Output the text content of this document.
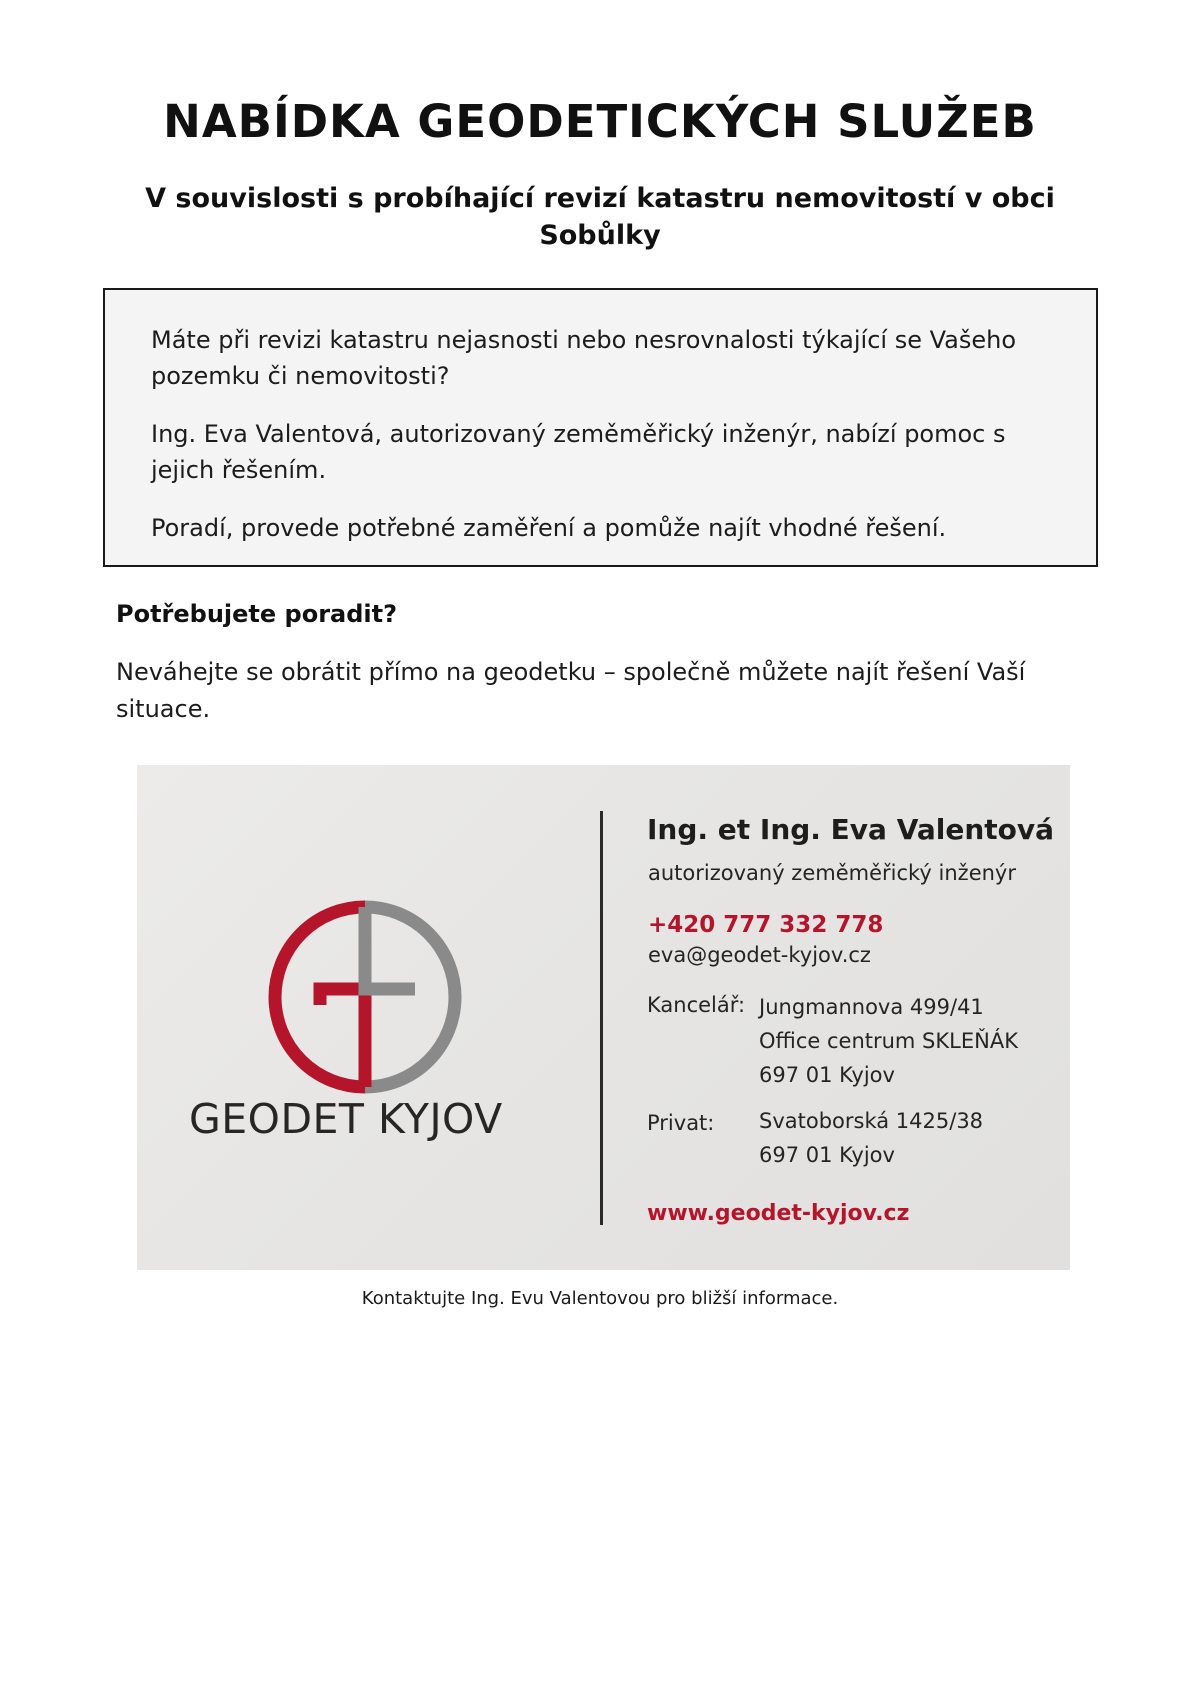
NABÍDKA GEODETICKÝCH SLUŽEB
V souvislosti s probíhající revizí katastru nemovitostí v obci Sobůlky

Máte při revizi katastru nejasnosti nebo nesrovnalosti týkající se Vašeho pozemku či nemovitosti?

Ing. Eva Valentová, autorizovaný zeměměřický inženýr, nabízí pomoc s jejich řešením.

Poradí, provede potřebné zaměření a pomůže najít vhodné řešení.

Potřebujete poradit?

Neváhejte se obrátit přímo na geodetku – společně můžete najít řešení Vaší situace.

GEODET KYJOV
Ing. et Ing. Eva Valentová
autorizovaný zeměměřický inženýr
+420 777 332 778
eva@geodet-kyjov.cz
Kancelář: Jungmannova 499/41
Office centrum SKLEŇÁK
697 01 Kyjov
Privat: Svatoborská 1425/38
697 01 Kyjov
www.geodet-kyjov.cz

Kontaktujte Ing. Evu Valentovou pro bližší informace.
